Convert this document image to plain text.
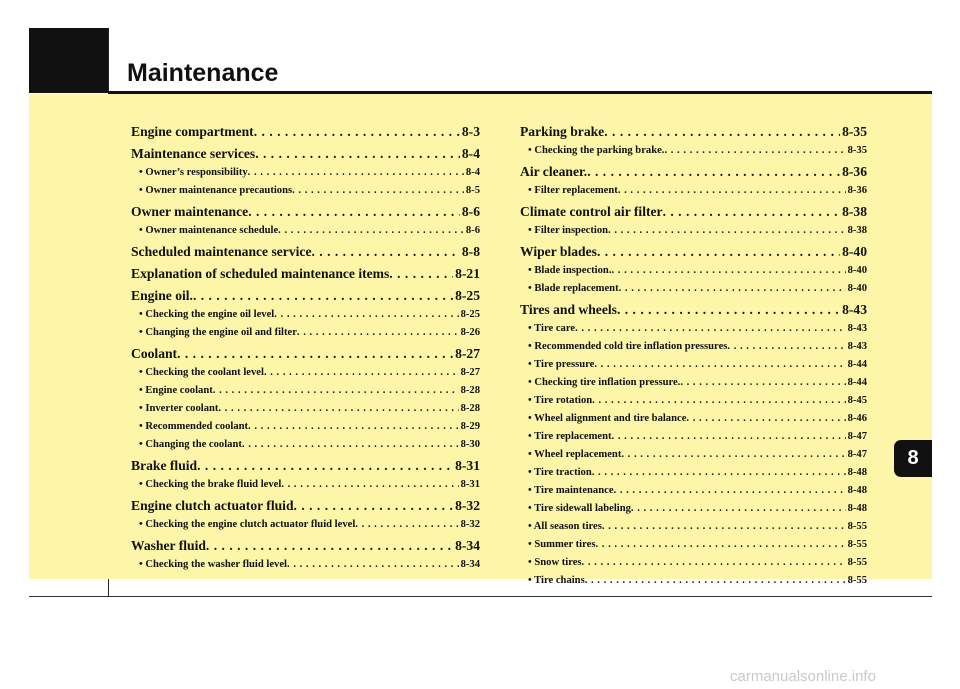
Maintenance
8
Engine compartment . . .	8-3
Maintenance services . . .	8-4
• Owner’s responsibility . . .	8-4
• Owner maintenance precautions . . .	8-5
Owner maintenance . . .	8-6
• Owner maintenance schedule . . .	8-6
Scheduled maintenance service . . .	8-8
Explanation of scheduled maintenance items . . .	8-21
Engine oil. . . .	8-25
• Checking the engine oil level . . .	8-25
• Changing the engine oil and filter . . .	8-26
Coolant . . .	8-27
• Checking the coolant level . . .	8-27
• Engine coolant . . .	8-28
• Inverter coolant . . .	8-28
• Recommended coolant . . .	8-29
• Changing the coolant . . .	8-30
Brake fluid . . .	8-31
• Checking the brake fluid level . . .	8-31
Engine clutch actuator fluid . . .	8-32
• Checking the engine clutch actuator fluid level . . .	8-32
Washer fluid . . .	8-34
• Checking the washer fluid level . . .	8-34
Parking brake . . .	8-35
• Checking the parking brake. . . .	8-35
Air cleaner. . . .	8-36
• Filter replacement . . .	8-36
Climate control air filter . . .	8-38
• Filter inspection . . .	8-38
Wiper blades . . .	8-40
• Blade inspection. . . .	8-40
• Blade replacement . . .	8-40
Tires and wheels . . .	8-43
• Tire care . . .	8-43
• Recommended cold tire inflation pressures . . .	8-43
• Tire pressure . . .	8-44
• Checking tire inflation pressure. . . .	8-44
• Tire rotation . . .	8-45
• Wheel alignment and tire balance . . .	8-46
• Tire replacement . . .	8-47
• Wheel replacement . . .	8-47
• Tire traction . . .	8-48
• Tire maintenance . . .	8-48
• Tire sidewall labeling . . .	8-48
• All season tires . . .	8-55
• Summer tires . . .	8-55
• Snow tires . . .	8-55
• Tire chains . . .	8-55
carmanualsonline.info
